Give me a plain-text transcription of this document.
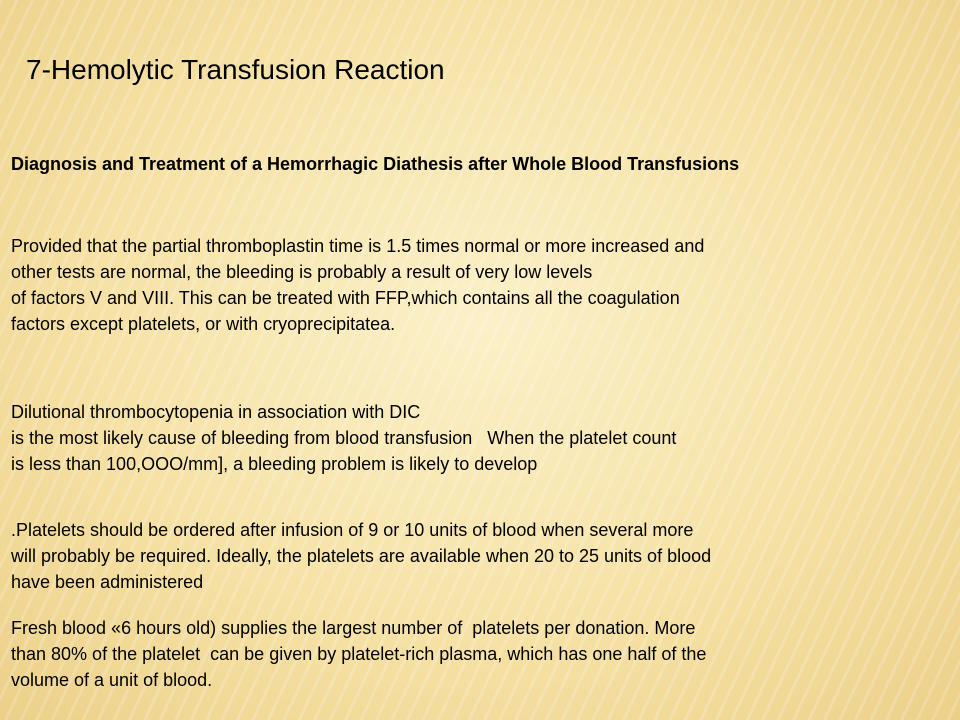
7-Hemolytic Transfusion Reaction
Diagnosis and Treatment of a Hemorrhagic Diathesis after Whole Blood Transfusions
Provided that the partial thromboplastin time is 1.5 times normal or more increased and
other tests are normal, the bleeding is probably a result of very low levels
of factors V and VIII. This can be treated with FFP,which contains all the coagulation
factors except platelets, or with cryoprecipitatea.
Dilutional thrombocytopenia in association with DIC
is the most likely cause of bleeding from blood transfusion   When the platelet count
is less than 100,OOO/mm], a bleeding problem is likely to develop
.Platelets should be ordered after infusion of 9 or 10 units of blood when several more
will probably be required. Ideally, the platelets are available when 20 to 25 units of blood
have been administered
Fresh blood «6 hours old) supplies the largest number of  platelets per donation. More
than 80% of the platelet  can be given by platelet-rich plasma, which has one half of the
volume of a unit of blood.
